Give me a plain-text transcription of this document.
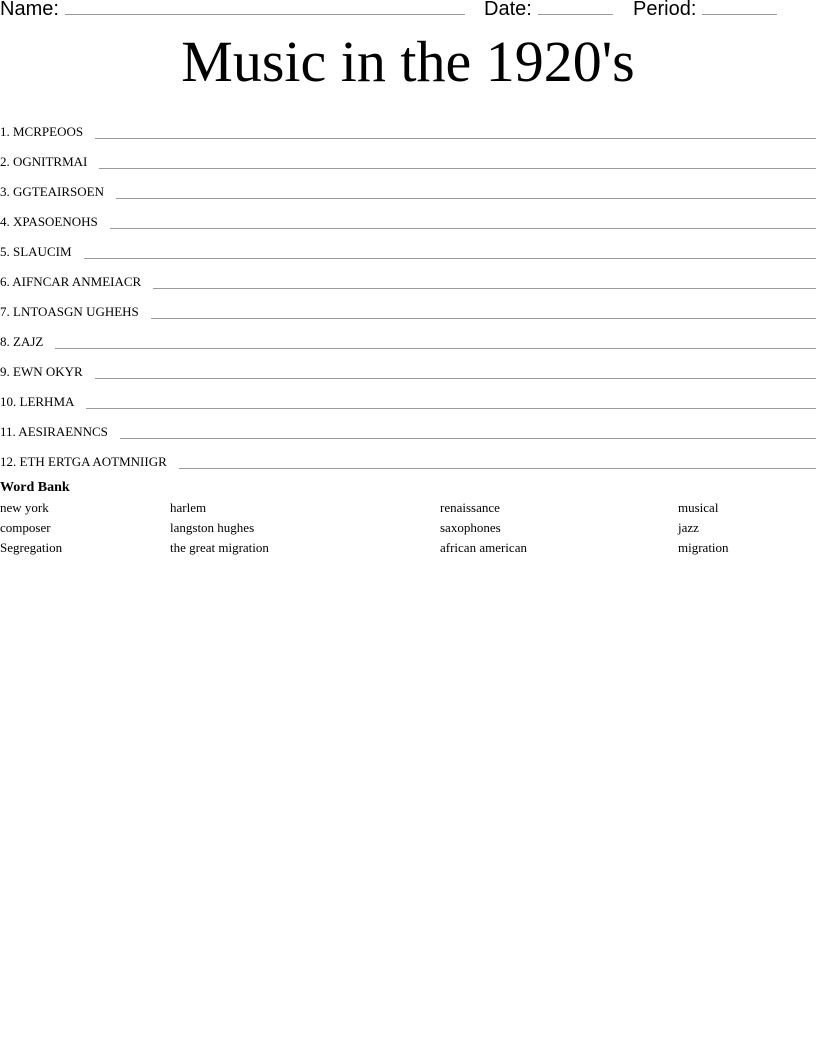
Name:	Date:	Period:
Music in the 1920's
1. MCRPEOOS
2. OGNITRMAI
3. GGTEAIRSOEN
4. XPASOENOHS
5. SLAUCIM
6. AIFNCAR ANMEIACR
7. LNTOASGN UGHEHS
8. ZAJZ
9. EWN OKYR
10. LERHMA
11. AESIRAENNCS
12. ETH ERTGA AOTMNIIGR
Word Bank
new york	harlem	renaissance	musical
composer	langston hughes	saxophones	jazz
Segregation	the great migration	african american	migration
